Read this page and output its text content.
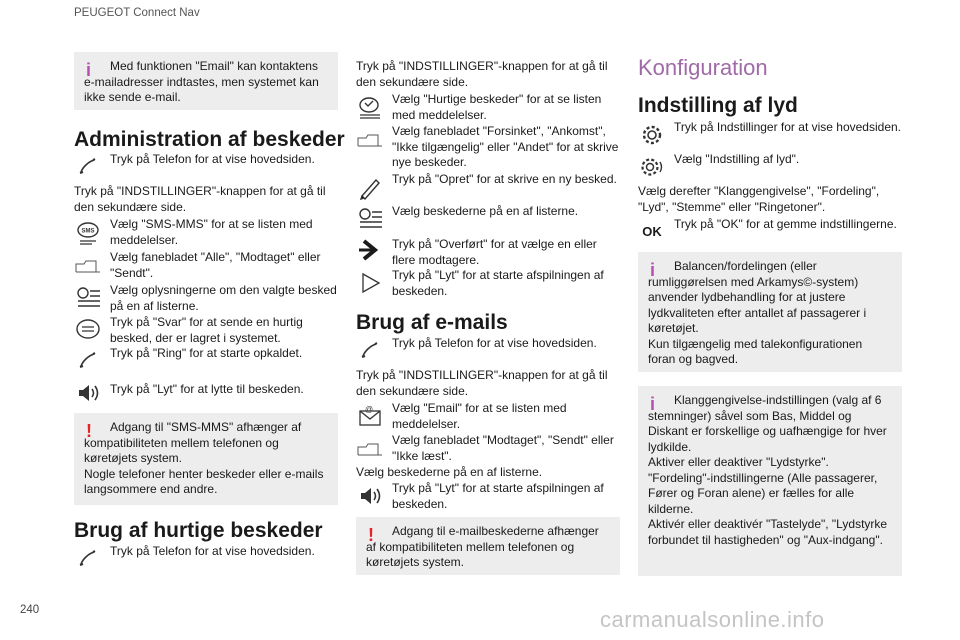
PEUGEOT Connect Nav
i	Med funktionen "Email" kan kontaktens e-mailadresser indtastes, men systemet kan ikke sende e-mail.

Administration af beskeder
Tryk på Telefon for at vise hovedsiden.
Tryk på "INDSTILLINGER"-knappen for at gå til den sekundære side.
SMS
Vælg "SMS-MMS" for at se listen med meddelelser.
Vælg fanebladet "Alle", "Modtaget" eller "Sendt".
Vælg oplysningerne om den valgte besked på en af listerne.
Tryk på "Svar" for at sende en hurtig besked, der er lagret i systemet.
Tryk på "Ring" for at starte opkaldet.
Tryk på "Lyt" for at lytte til beskeden.
!	Adgang til "SMS-MMS" afhænger af kompatibiliteten mellem telefonen og køretøjets system.
Nogle telefoner henter beskeder eller e-mails langsommere end andre.

Brug af hurtige beskeder
Tryk på Telefon for at vise hovedsiden.
Tryk på "INDSTILLINGER"-knappen for at gå til den sekundære side.
Vælg "Hurtige beskeder" for at se listen med meddelelser.
Vælg fanebladet "Forsinket", "Ankomst", "Ikke tilgængelig" eller "Andet" for at skrive nye beskeder.
Tryk på "Opret" for at skrive en ny besked.
Vælg beskederne på en af listerne.
Tryk på "Overført" for at vælge en eller flere modtagere.
Tryk på "Lyt" for at starte afspilningen af beskeden.
Brug af e-mails
Tryk på Telefon for at vise hovedsiden.
Tryk på "INDSTILLINGER"-knappen for at gå til den sekundære side.
@ Vælg "Email" for at se listen med meddelelser.
Vælg fanebladet "Modtaget", "Sendt" eller "Ikke læst".
Vælg beskederne på en af listerne.
Tryk på "Lyt" for at starte afspilningen af beskeden.
!	Adgang til e-mailbeskederne afhænger af kompatibiliteten mellem telefonen og køretøjets system.

Konfiguration
Indstilling af lyd
Tryk på Indstillinger for at vise hovedsiden.
Vælg "Indstilling af lyd".
Vælg derefter "Klanggengivelse", "Fordeling", "Lyd", "Stemme" eller "Ringetoner".
OK
Tryk på "OK" for at gemme indstillingerne.
i	Balancen/fordelingen (eller rumliggørelsen med Arkamys©-system) anvender lydbehandling for at justere lydkvaliteten efter antallet af passagerer i køretøjet.
Kun tilgængelig med talekonfigurationen foran og bagved.

i	Klanggengivelse-indstillingen (valg af 6 stemninger) såvel som Bas, Middel og Diskant er forskellige og uafhængige for hver lydkilde.
Aktiver eller deaktiver "Lydstyrke".
"Fordeling"-indstillingerne (Alle passagerer, Fører og Foran alene) er fælles for alle kilderne.
Aktivér eller deaktivér "Tastelyde", "Lydstyrke forbundet til hastigheden" og "Aux-indgang".

240	carmanualsonline.info
